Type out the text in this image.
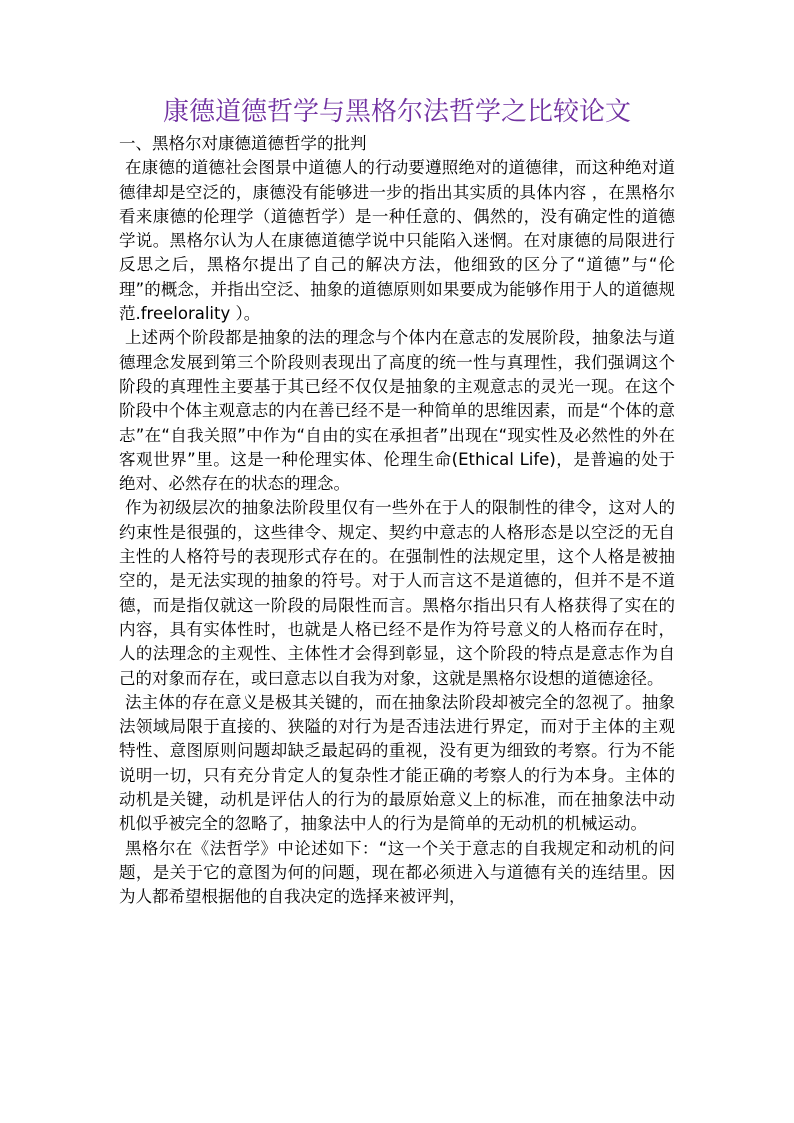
康德道德哲学与黑格尔法哲学之比较论文

一、黑格尔对康德道德哲学的批判

在康德的道德社会图景中道德人的行动要遵照绝对的道德律，而这种绝对道德律却是空泛的，康德没有能够进一步的指出其实质的具体内容 ，在黑格尔看来康德的伦理学（道德哲学）是一种任意的、偶然的，没有确定性的道德学说。黑格尔认为人在康德道德学说中只能陷入迷惘。在对康德的局限进行反思之后，黑格尔提出了自己的解决方法，他细致的区分了“道德”与“伦理”的概念，并指出空泛、抽象的道德原则如果要成为能够作用于人的道德规范.freelorality ）。

上述两个阶段都是抽象的法的理念与个体内在意志的发展阶段，抽象法与道德理念发展到第三个阶段则表现出了高度的统一性与真理性，我们强调这个阶段的真理性主要基于其已经不仅仅是抽象的主观意志的灵光一现。在这个阶段中个体主观意志的内在善已经不是一种简单的思维因素，而是“个体的意志”在“自我关照”中作为“自由的实在承担者”出现在“现实性及必然性的外在客观世界”里。这是一种伦理实体、伦理生命(Ethical Life)，是普遍的处于绝对、必然存在的状态的理念。

作为初级层次的抽象法阶段里仅有一些外在于人的限制性的律令，这对人的约束性是很强的，这些律令、规定、契约中意志的人格形态是以空泛的无自主性的人格符号的表现形式存在的。在强制性的法规定里，这个人格是被抽空的，是无法实现的抽象的符号。对于人而言这不是道德的，但并不是不道德，而是指仅就这一阶段的局限性而言。黑格尔指出只有人格获得了实在的内容，具有实体性时，也就是人格已经不是作为符号意义的人格而存在时，人的法理念的主观性、主体性才会得到彰显，这个阶段的特点是意志作为自己的对象而存在，或曰意志以自我为对象，这就是黑格尔设想的道德途径。

法主体的存在意义是极其关键的，而在抽象法阶段却被完全的忽视了。抽象法领域局限于直接的、狭隘的对行为是否违法进行界定，而对于主体的主观特性、意图原则问题却缺乏最起码的重视，没有更为细致的考察。行为不能说明一切，只有充分肯定人的复杂性才能正确的考察人的行为本身。主体的动机是关键，动机是评估人的行为的最原始意义上的标准，而在抽象法中动机似乎被完全的忽略了，抽象法中人的行为是简单的无动机的机械运动。

黑格尔在《法哲学》中论述如下：“这一个关于意志的自我规定和动机的问题，是关于它的意图为何的问题，现在都必须进入与道德有关的连结里。因为人都希望根据他的自我决定的选择来被评判，
